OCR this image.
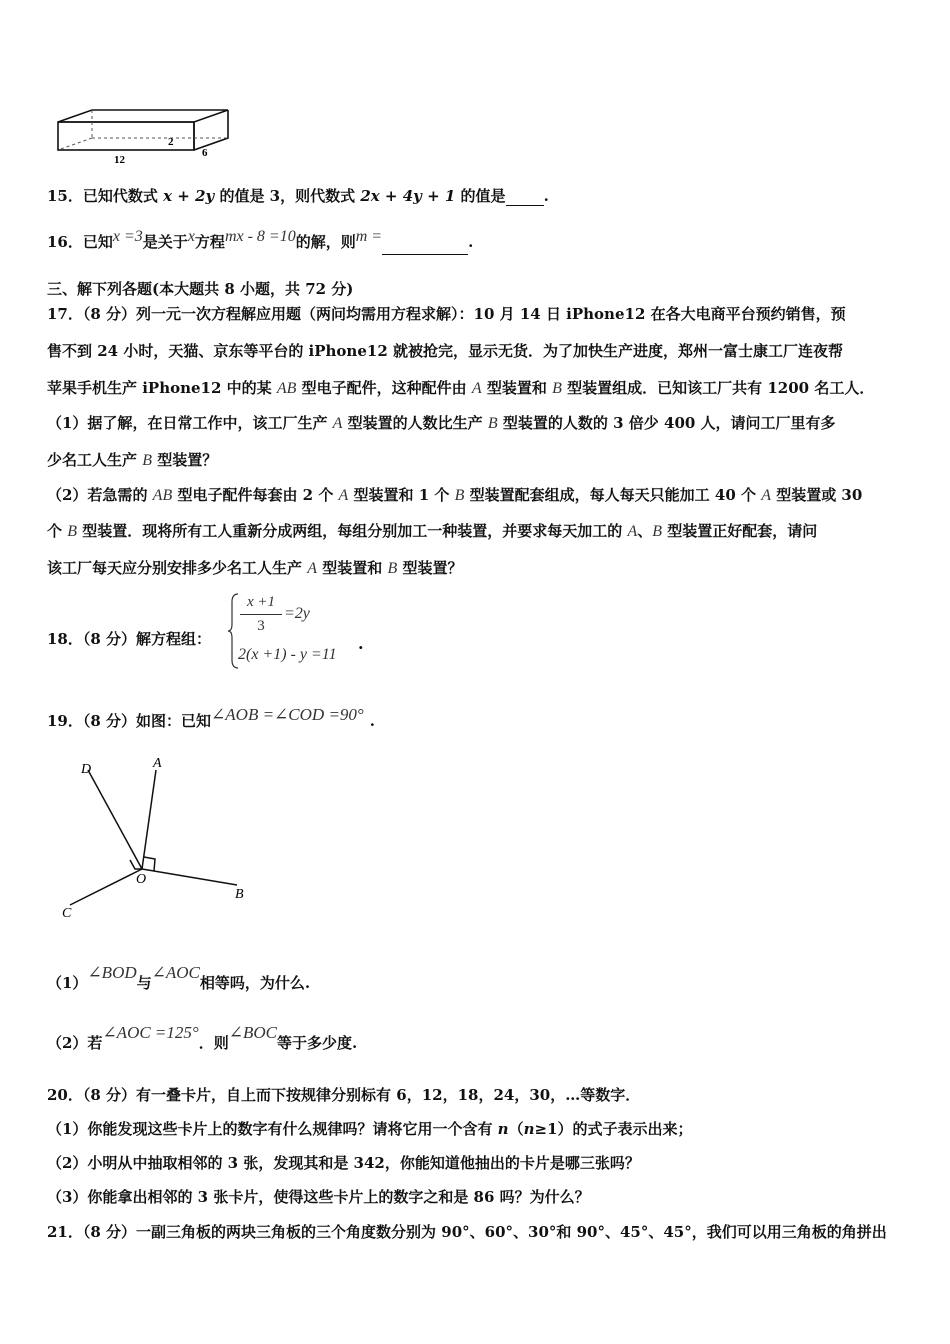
2
6
12
15．已知代数式 x + 2y 的值是 3，则代数式 2x + 4y + 1 的值是	.
16．已知x =3是关于x方程mx - 8 =10的解，则m =	.
三、解下列各题(本大题共 8 小题，共 72 分)
17．（8 分）列一元一次方程解应用题（两问均需用方程求解）：10 月 14 日 iPhone12 在各大电商平台预约销售，预
售不到 24 小时，天猫、京东等平台的 iPhone12 就被抢完，显示无货．为了加快生产进度，郑州一富士康工厂连夜帮
苹果手机生产 iPhone12 中的某 AB 型电子配件，这种配件由 A 型装置和 B 型装置组成．已知该工厂共有 1200 名工人．
（1）据了解，在日常工作中，该工厂生产 A 型装置的人数比生产 B 型装置的人数的 3 倍少 400 人，请问工厂里有多
少名工人生产 B 型装置？
（2）若急需的 AB 型电子配件每套由 2 个 A 型装置和 1 个 B 型装置配套组成，每人每天只能加工 40 个 A 型装置或 30
个 B 型装置．现将所有工人重新分成两组，每组分别加工一种装置，并要求每天加工的 A、B 型装置正好配套，请问
该工厂每天应分别安排多少名工人生产 A 型装置和 B 型装置？
18．（8 分）解方程组：
x +1
3
=2y
2(x +1) - y =11
.
19．（8 分）如图：已知∠AOB =∠COD =90° .
D	A
O
B
C
（1）∠BOD与∠AOC相等吗，为什么.
（2）若∠AOC =125°．则∠BOC等于多少度.
20．（8 分）有一叠卡片，自上而下按规律分别标有 6，12，18，24，30，…等数字．
（1）你能发现这些卡片上的数字有什么规律吗？请将它用一个含有 n（n≥1）的式子表示出来；
（2）小明从中抽取相邻的 3 张，发现其和是 342，你能知道他抽出的卡片是哪三张吗？
（3）你能拿出相邻的 3 张卡片，使得这些卡片上的数字之和是 86 吗？为什么？
21．（8 分）一副三角板的两块三角板的三个角度数分别为 90°、60°、30°和 90°、45°、45°，我们可以用三角板的角拼出
